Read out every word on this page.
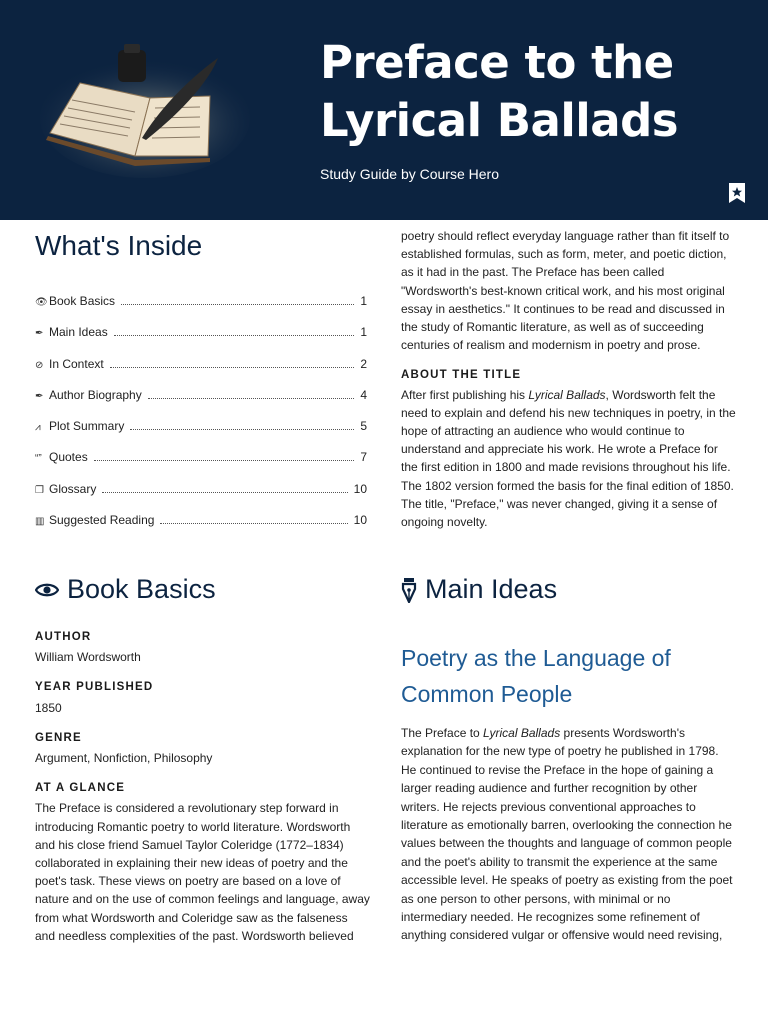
Preface to the
Lyrical Ballads
Study Guide by Course Hero
What's Inside
👁 Book Basics	1
✒ Main Ideas	1
⊘ In Context	2
✒ Author Biography	4
⩘ Plot Summary	5
“” Quotes	7
❐ Glossary	10
▥ Suggested Reading	10

poetry should reflect everyday language rather than fit itself to established formulas, such as form, meter, and poetic diction, as it had in the past. The Preface has been called "Wordsworth's best-known critical work, and his most original essay in aesthetics." It continues to be read and discussed in the study of Romantic literature, as well as of succeeding centuries of realism and modernism in poetry and prose.

ABOUT THE TITLE

After first publishing his Lyrical Ballads, Wordsworth felt the need to explain and defend his new techniques in poetry, in the hope of attracting an audience who would continue to understand and appreciate his work. He wrote a Preface for the first edition in 1800 and made revisions throughout his life. The 1802 version formed the basis for the final edition of 1850. The title, "Preface," was never changed, giving it a sense of ongoing novelty.

Book Basics
AUTHOR
William Wordsworth
YEAR PUBLISHED
1850
GENRE
Argument, Nonfiction, Philosophy
AT A GLANCE
The Preface is considered a revolutionary step forward in introducing Romantic poetry to world literature. Wordsworth and his close friend Samuel Taylor Coleridge (1772–1834) collaborated in explaining their new ideas of poetry and the poet's task. These views on poetry are based on a love of nature and on the use of common feelings and language, away from what Wordsworth and Coleridge saw as the falseness and needless complexities of the past. Wordsworth believed
Main Ideas
Poetry as the Language of Common People
The Preface to Lyrical Ballads presents Wordsworth's explanation for the new type of poetry he published in 1798. He continued to revise the Preface in the hope of gaining a larger reading audience and further recognition by other writers. He rejects previous conventional approaches to literature as emotionally barren, overlooking the connection he values between the thoughts and language of common people and the poet's ability to transmit the experience at the same accessible level. He speaks of poetry as existing from the poet as one person to other persons, with minimal or no intermediary needed. He recognizes some refinement of anything considered vulgar or offensive would need revising,
